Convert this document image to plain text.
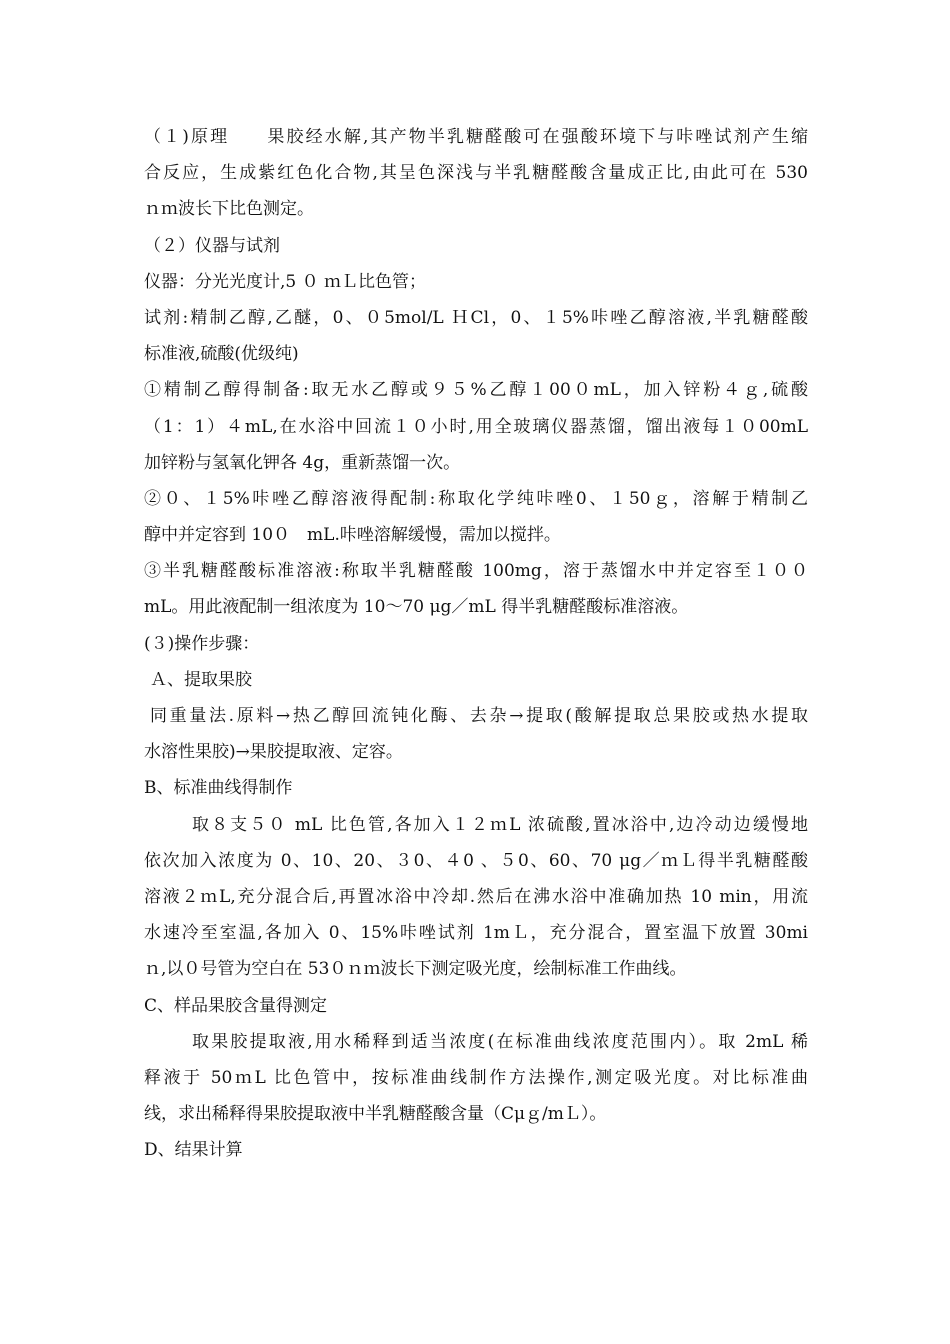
（１)原理　　果胶经水解,其产物半乳糖醛酸可在强酸环境下与咔唑试剂产生缩
合反应，生成紫红色化合物,其呈色深浅与半乳糖醛酸含量成正比,由此可在 530
ｎｍ波长下比色测定。
（２）仪器与试剂
仪器：分光光度计,5 ０ ｍＬ比色管；
试剂:精制乙醇,乙醚，0、０5mol/L ＨCl，0、１5%咔唑乙醇溶液,半乳糖醛酸
标准液,硫酸(优级纯)
①精制乙醇得制备:取无水乙醇或９５%乙醇１00０mL，加入锌粉４ｇ,硫酸
（1：1）４mL,在水浴中回流１０小时,用全玻璃仪器蒸馏，馏出液每１０00mL
加锌粉与氢氧化钾各 4g，重新蒸馏一次。
②０、１5%咔唑乙醇溶液得配制:称取化学纯咔唑0、１50ｇ，溶解于精制乙
醇中并定容到 10０　mL.咔唑溶解缓慢，需加以搅拌。
③半乳糖醛酸标准溶液:称取半乳糖醛酸 100mg，溶于蒸馏水中并定容至１００
mL。用此液配制一组浓度为 10～70 μg／mL 得半乳糖醛酸标准溶液。
(３)操作步骤：
Ａ、提取果胶
同重量法.原料→热乙醇回流钝化酶、去杂→提取(酸解提取总果胶或热水提取
水溶性果胶)→果胶提取液、定容。
B、标准曲线得制作
取８支５０ mL 比色管,各加入１２ｍL 浓硫酸,置冰浴中,边冷动边缓慢地
依次加入浓度为 0、10、20、３0、４0 、５0、60、70 μg／ｍＬ得半乳糖醛酸
溶液２ｍL,充分混合后,再置冰浴中冷却.然后在沸水浴中准确加热 10 min，用流
水速冷至室温,各加入 0、15%咔唑试剂 1mＬ，充分混合，置室温下放置 30mi
ｎ,以０号管为空白在 53０ｎｍ波长下测定吸光度，绘制标准工作曲线。
C、样品果胶含量得测定
取果胶提取液,用水稀释到适当浓度(在标准曲线浓度范围内）。取 2mL 稀
释液于 50ｍL 比色管中，按标准曲线制作方法操作,测定吸光度。对比标准曲
线，求出稀释得果胶提取液中半乳糖醛酸含量（Cμｇ/mＬ）。
D、结果计算
